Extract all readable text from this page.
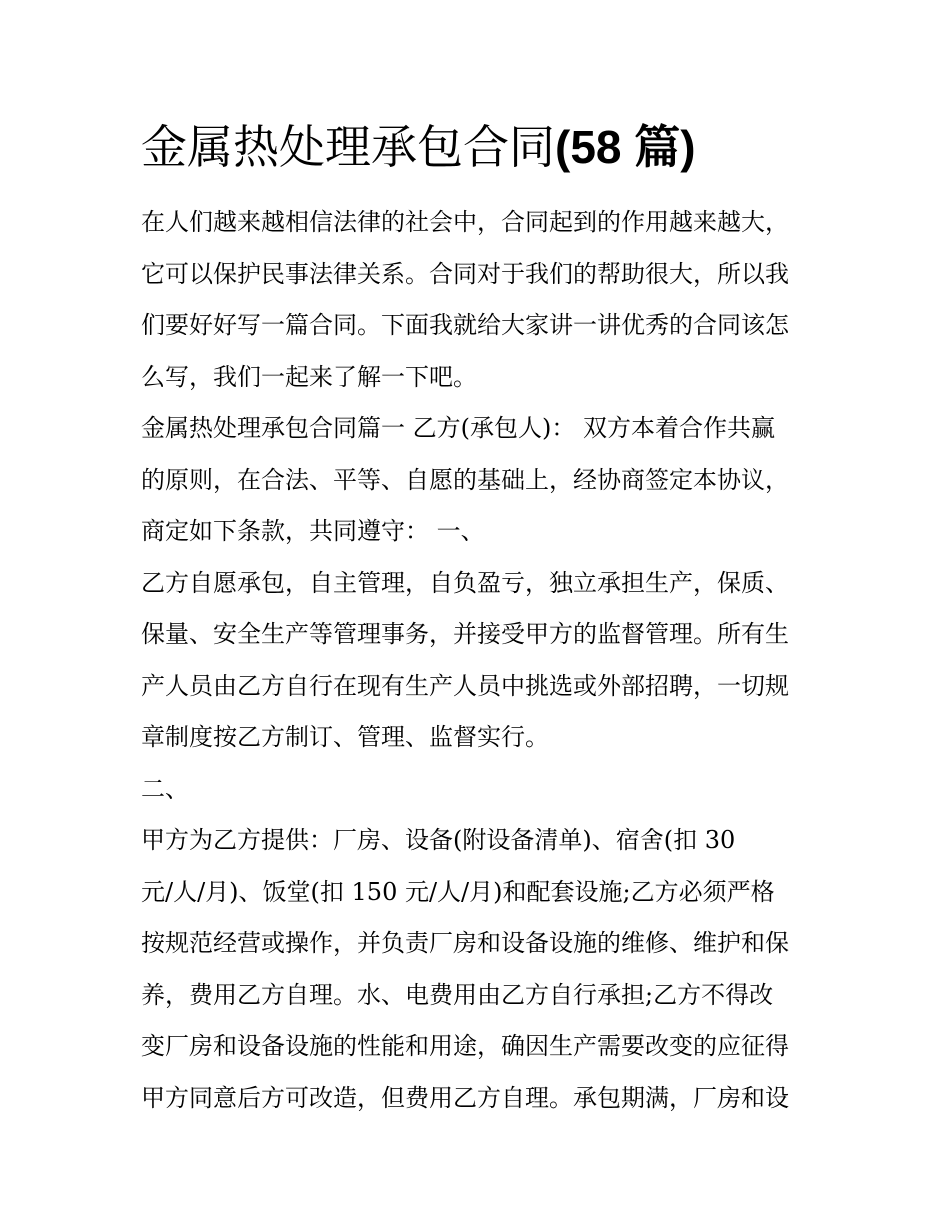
金属热处理承包合同(58 篇)
在人们越来越相信法律的社会中，合同起到的作用越来越大，
它可以保护民事法律关系。合同对于我们的帮助很大，所以我
们要好好写一篇合同。下面我就给大家讲一讲优秀的合同该怎
么写，我们一起来了解一下吧。
金属热处理承包合同篇一 乙方(承包人)： 双方本着合作共赢
的原则，在合法、平等、自愿的基础上，经协商签定本协议，
商定如下条款，共同遵守： 一、
乙方自愿承包，自主管理，自负盈亏，独立承担生产，保质、
保量、安全生产等管理事务，并接受甲方的监督管理。所有生
产人员由乙方自行在现有生产人员中挑选或外部招聘，一切规
章制度按乙方制订、管理、监督实行。
二、
甲方为乙方提供：厂房、设备(附设备清单)、宿舍(扣 30
元/人/月)、饭堂(扣 150 元/人/月)和配套设施;乙方必须严格
按规范经营或操作，并负责厂房和设备设施的维修、维护和保
养，费用乙方自理。水、电费用由乙方自行承担;乙方不得改
变厂房和设备设施的性能和用途，确因生产需要改变的应征得
甲方同意后方可改造，但费用乙方自理。承包期满，厂房和设
